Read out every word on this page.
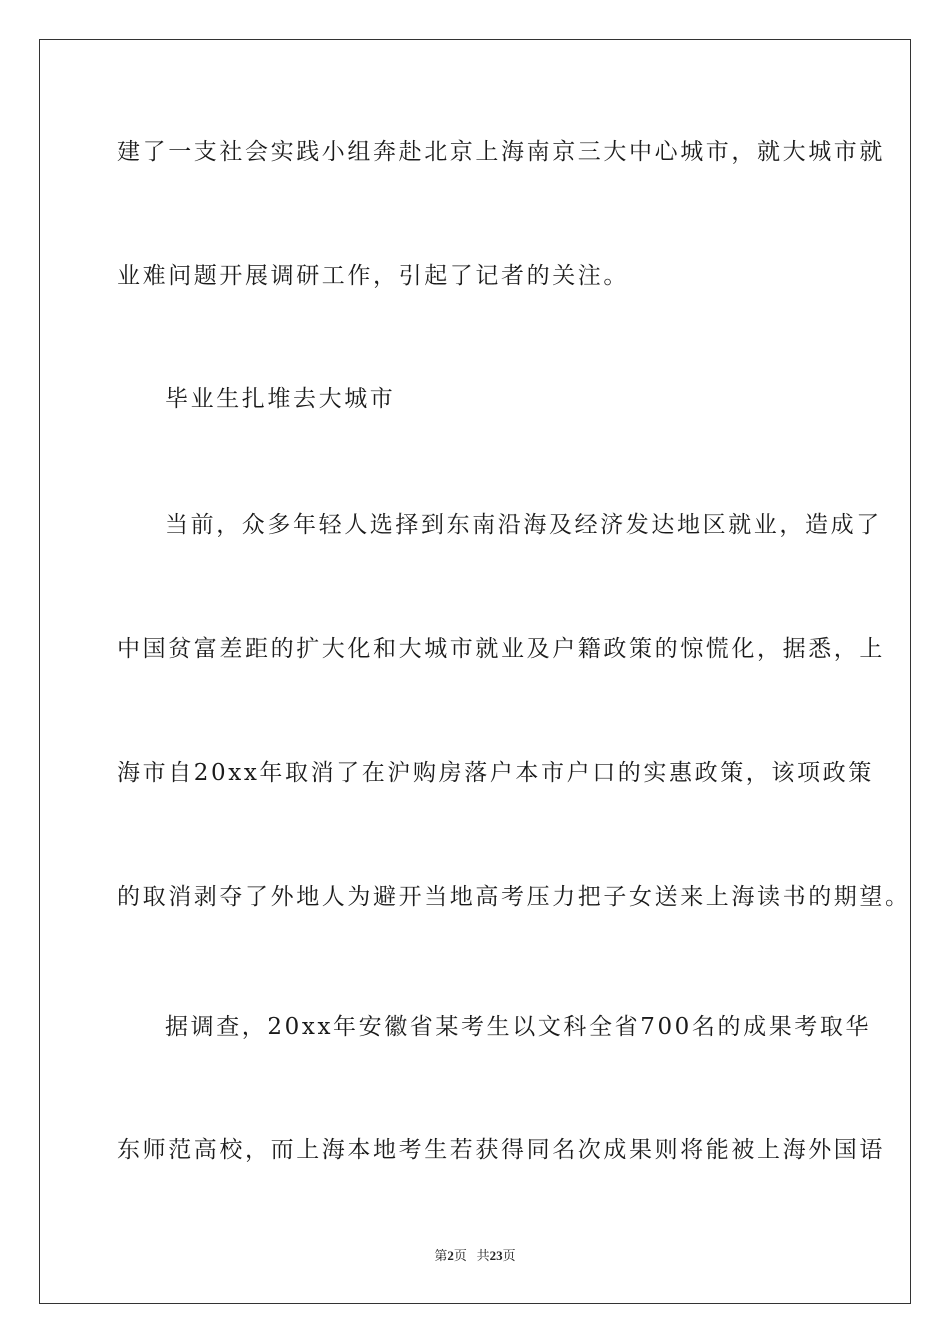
建了一支社会实践小组奔赴北京上海南京三大中心城市，就大城市就
业难问题开展调研工作，引起了记者的关注。
毕业生扎堆去大城市
当前，众多年轻人选择到东南沿海及经济发达地区就业，造成了
中国贫富差距的扩大化和大城市就业及户籍政策的惊慌化，据悉，上
海市自20xx年取消了在沪购房落户本市户口的实惠政策，该项政策
的取消剥夺了外地人为避开当地高考压力把子女送来上海读书的期望。
据调查，20xx年安徽省某考生以文科全省700名的成果考取华
东师范高校，而上海本地考生若获得同名次成果则将能被上海外国语
第2页   共23页
